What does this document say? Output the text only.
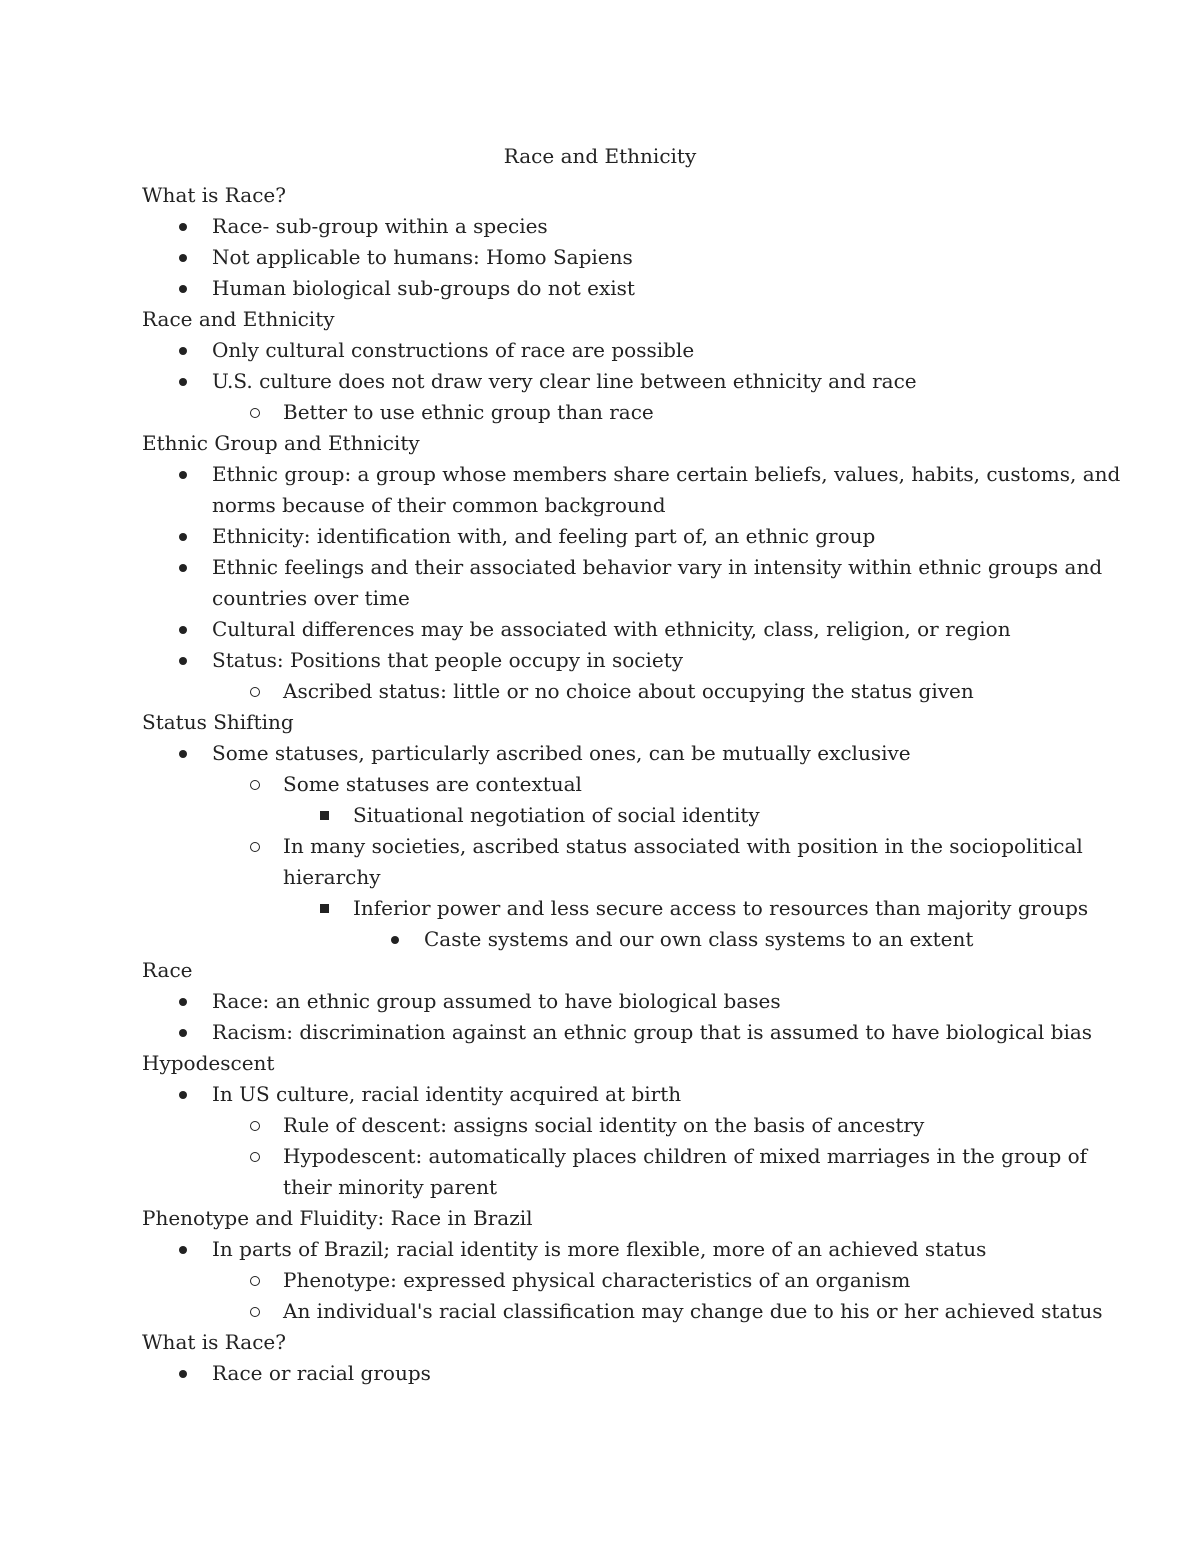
Race and Ethnicity
What is Race?
Race- sub-group within a species
Not applicable to humans: Homo Sapiens
Human biological sub-groups do not exist
Race and Ethnicity
Only cultural constructions of race are possible
U.S. culture does not draw very clear line between ethnicity and race
Better to use ethnic group than race
Ethnic Group and Ethnicity
Ethnic group: a group whose members share certain beliefs, values, habits, customs, and
norms because of their common background
Ethnicity: identification with, and feeling part of, an ethnic group
Ethnic feelings and their associated behavior vary in intensity within ethnic groups and
countries over time
Cultural differences may be associated with ethnicity, class, religion, or region
Status: Positions that people occupy in society
Ascribed status: little or no choice about occupying the status given
Status Shifting
Some statuses, particularly ascribed ones, can be mutually exclusive
Some statuses are contextual
Situational negotiation of social identity
In many societies, ascribed status associated with position in the sociopolitical
hierarchy
Inferior power and less secure access to resources than majority groups
Caste systems and our own class systems to an extent
Race
Race: an ethnic group assumed to have biological bases
Racism: discrimination against an ethnic group that is assumed to have biological bias
Hypodescent
In US culture, racial identity acquired at birth
Rule of descent: assigns social identity on the basis of ancestry
Hypodescent: automatically places children of mixed marriages in the group of
their minority parent
Phenotype and Fluidity: Race in Brazil
In parts of Brazil; racial identity is more flexible, more of an achieved status
Phenotype: expressed physical characteristics of an organism
An individual's racial classification may change due to his or her achieved status
What is Race?
Race or racial groups
